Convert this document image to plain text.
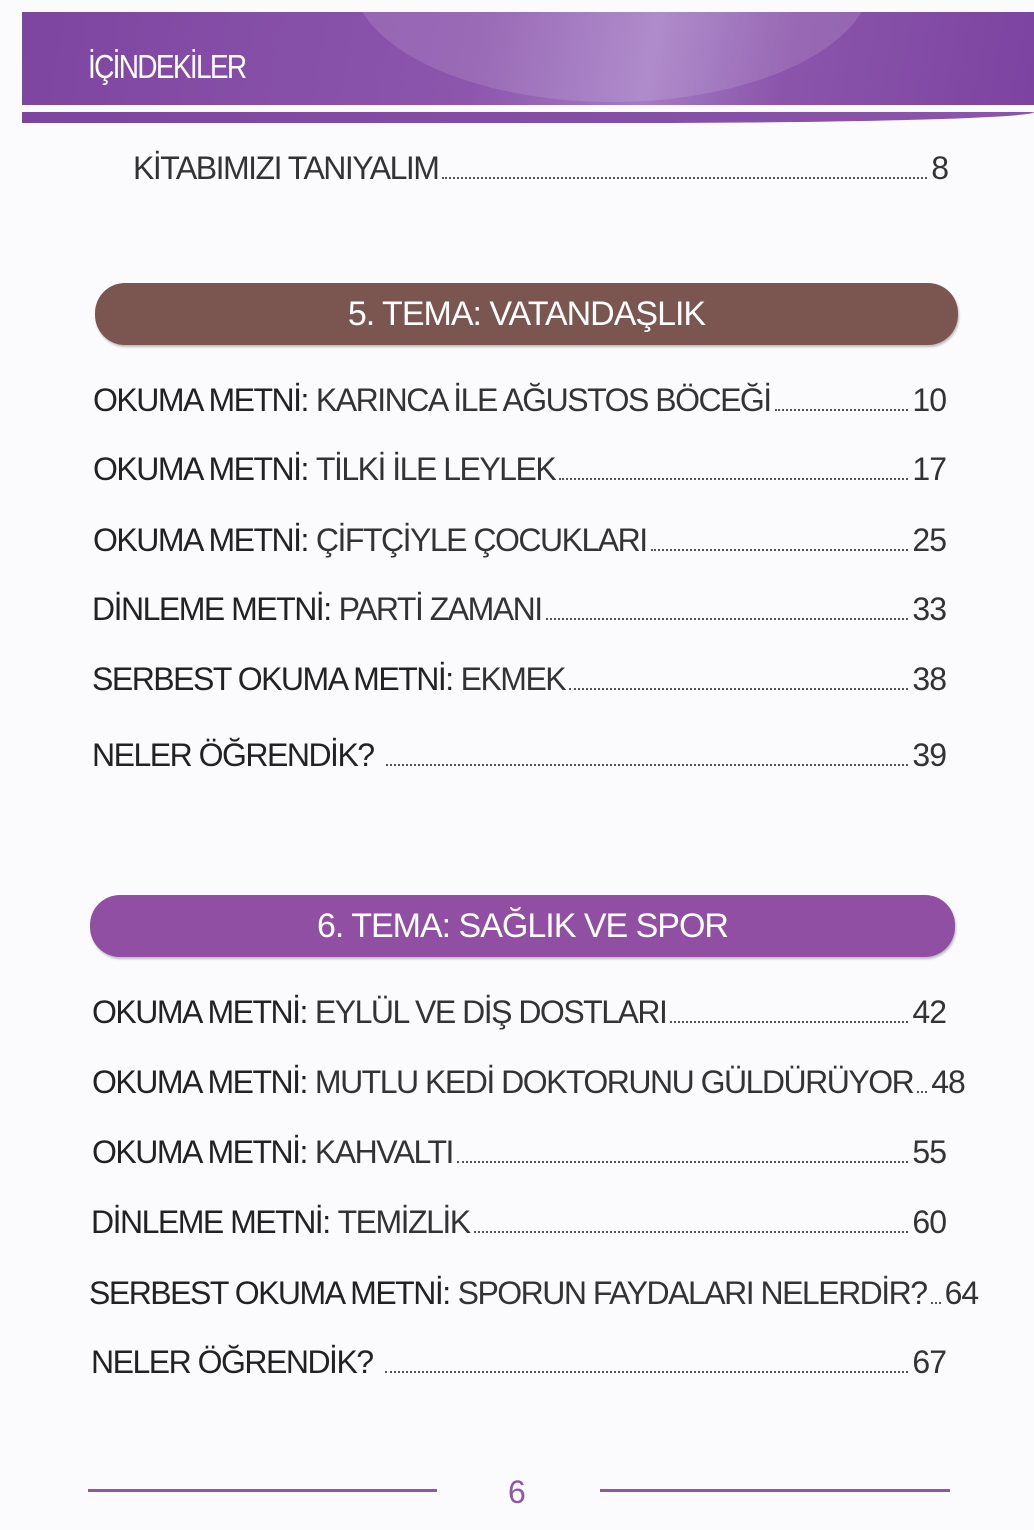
İÇİNDEKİLER
KİTABIMIZI TANIYALIM	8
5. TEMA: VATANDAŞLIK
6. TEMA: SAĞLIK VE SPOR
OKUMA METNİ: KARINCA İLE AĞUSTOS BÖCEĞİ	10
OKUMA METNİ: TİLKİ İLE LEYLEK	17
OKUMA METNİ: ÇİFTÇİYLE ÇOCUKLARI	25
DİNLEME METNİ: PARTİ ZAMANI	33
SERBEST OKUMA METNİ: EKMEK	38
NELER ÖĞRENDİK?	39
OKUMA METNİ: EYLÜL VE DİŞ DOSTLARI	42
OKUMA METNİ: MUTLU KEDİ DOKTORUNU GÜLDÜRÜYOR 48
OKUMA METNİ: KAHVALTI	55
DİNLEME METNİ: TEMİZLİK	60
SERBEST OKUMA METNİ: SPORUN FAYDALARI NELERDİR? 64
NELER ÖĞRENDİK?	67
6
